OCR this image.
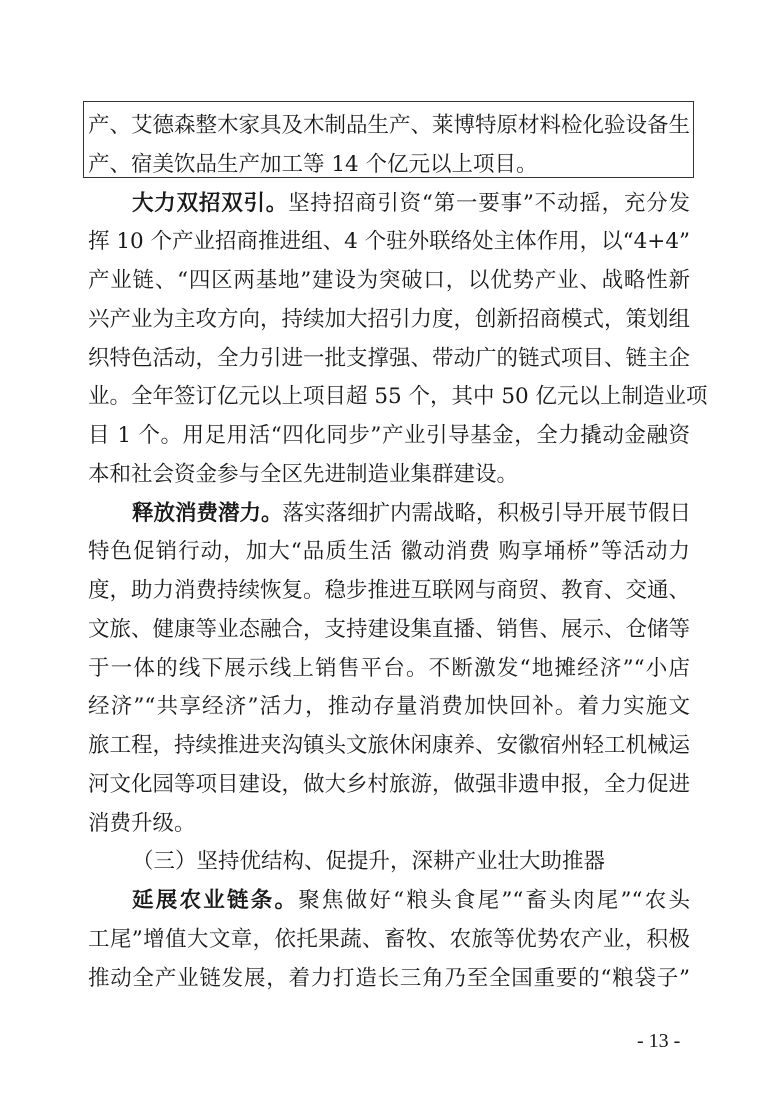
产、艾德森整木家具及木制品生产、莱博特原材料检化验设备生
产、宿美饮品生产加工等 14 个亿元以上项目。
大力双招双引。坚持招商引资“第一要事”不动摇，充分发
挥 10 个产业招商推进组、4 个驻外联络处主体作用，以“4+4”
产业链、“四区两基地”建设为突破口，以优势产业、战略性新
兴产业为主攻方向，持续加大招引力度，创新招商模式，策划组
织特色活动，全力引进一批支撑强、带动广的链式项目、链主企
业。全年签订亿元以上项目超 55 个，其中 50 亿元以上制造业项
目 1 个。用足用活“四化同步”产业引导基金，全力撬动金融资
本和社会资金参与全区先进制造业集群建设。
释放消费潜力。落实落细扩内需战略，积极引导开展节假日
特色促销行动，加大“品质生活 徽动消费 购享埇桥”等活动力
度，助力消费持续恢复。稳步推进互联网与商贸、教育、交通、
文旅、健康等业态融合，支持建设集直播、销售、展示、仓储等
于一体的线下展示线上销售平台。不断激发“地摊经济”“小店
经济”“共享经济”活力，推动存量消费加快回补。着力实施文
旅工程，持续推进夹沟镇头文旅休闲康养、安徽宿州轻工机械运
河文化园等项目建设，做大乡村旅游，做强非遗申报，全力促进
消费升级。
（三）坚持优结构、促提升，深耕产业壮大助推器
延展农业链条。聚焦做好“粮头食尾”“畜头肉尾”“农头
工尾”增值大文章，依托果蔬、畜牧、农旅等优势农产业，积极
推动全产业链发展，着力打造长三角乃至全国重要的“粮袋子”
- 13 -
